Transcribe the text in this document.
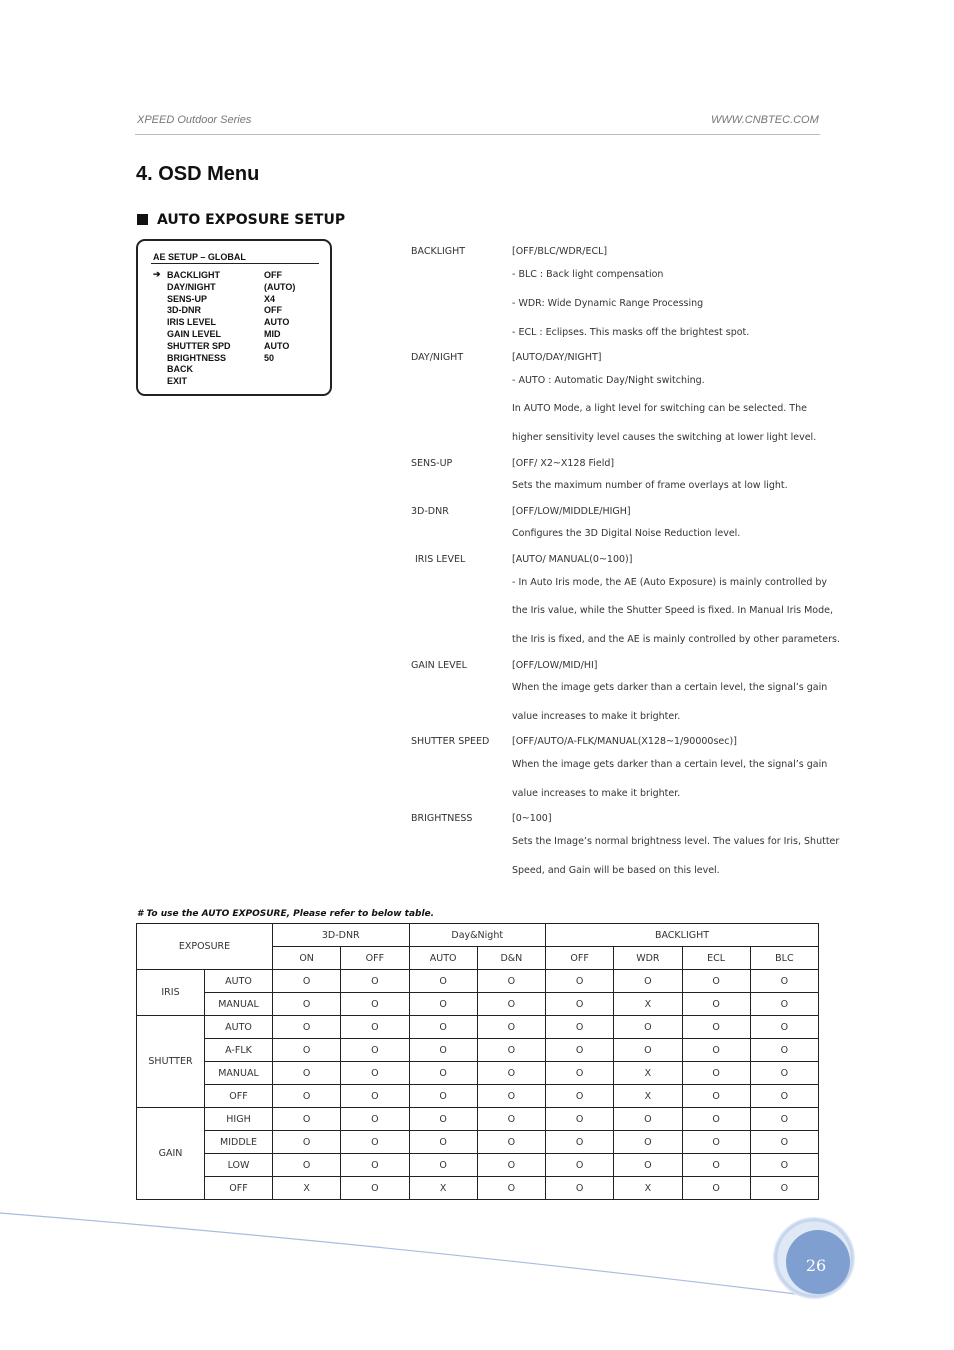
XPEED Outdoor Series	WWW.CNBTEC.COM
4. OSD Menu
AUTO EXPOSURE SETUP
AE SETUP – GLOBAL
➔ BACKLIGHT	OFF
DAY/NIGHT	(AUTO)
SENS-UP	X4
3D-DNR	OFF
IRIS LEVEL	AUTO
GAIN LEVEL	MID
SHUTTER SPD	AUTO
BRIGHTNESS	50
BACK
EXIT
BACKLIGHT	[OFF/BLC/WDR/ECL]
- BLC : Back light compensation
- WDR: Wide Dynamic Range Processing
- ECL : Eclipses. This masks off the brightest spot.
DAY/NIGHT	[AUTO/DAY/NIGHT]
- AUTO : Automatic Day/Night switching.
In AUTO Mode, a light level for switching can be selected. The
higher sensitivity level causes the switching at lower light level.
SENS-UP	[OFF/ X2~X128 Field]
Sets the maximum number of frame overlays at low light.
3D-DNR	[OFF/LOW/MIDDLE/HIGH]
Configures the 3D Digital Noise Reduction level.
IRIS LEVEL	[AUTO/ MANUAL(0~100)]
- In Auto Iris mode, the AE (Auto Exposure) is mainly controlled by
the Iris value, while the Shutter Speed is fixed. In Manual Iris Mode,
the Iris is fixed, and the AE is mainly controlled by other parameters.
GAIN LEVEL	[OFF/LOW/MID/HI]
When the image gets darker than a certain level, the signal’s gain
value increases to make it brighter.
SHUTTER SPEED [OFF/AUTO/A-FLK/MANUAL(X128~1/90000sec)]
When the image gets darker than a certain level, the signal’s gain
value increases to make it brighter.
BRIGHTNESS	[0~100]
Sets the Image’s normal brightness level. The values for Iris, Shutter
Speed, and Gain will be based on this level.
# To use the AUTO EXPOSURE, Please refer to below table.
EXPOSURE		3D-DNR		Day&Night		BACKLIGHT			
		ON	OFF	AUTO	D&N	OFF	WDR	ECL	BLC
IRIS	AUTO	O	O	O	O	O	O	O	O
	MANUAL	O	O	O	O	O	X	O	O
SHUTTER	AUTO	O	O	O	O	O	O	O	O
	A-FLK	O	O	O	O	O	O	O	O
	MANUAL	O	O	O	O	O	X	O	O
	OFF	O	O	O	O	O	X	O	O
GAIN	HIGH	O	O	O	O	O	O	O	O
	MIDDLE	O	O	O	O	O	O	O	O
	LOW	O	O	O	O	O	O	O	O
	OFF	X	O	X	O	O	X	O	O
26
